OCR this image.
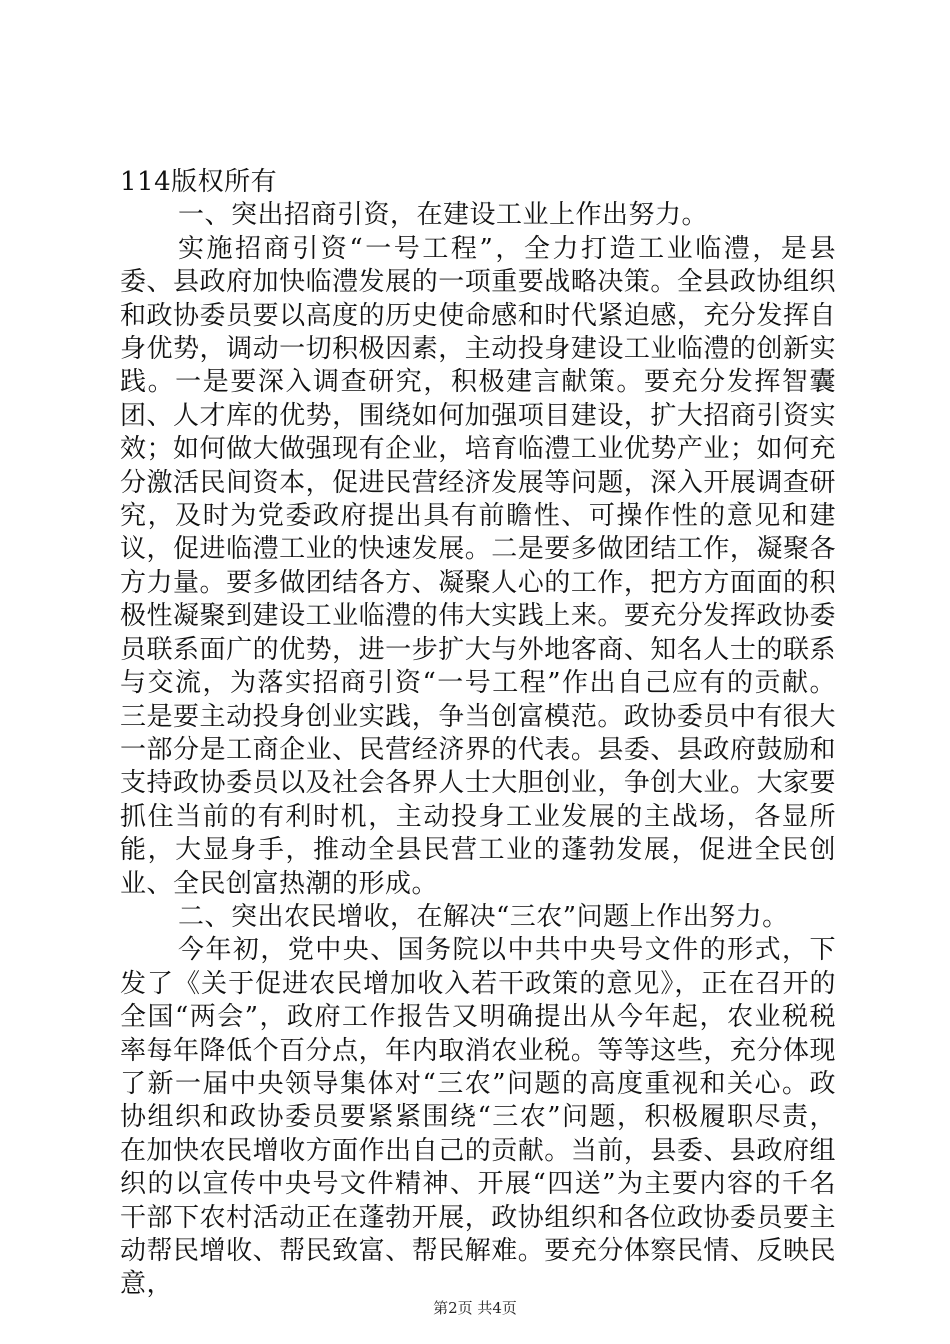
114版权所有

一、突出招商引资，在建设工业上作出努力。

实施招商引资“一号工程”，全力打造工业临澧，是县委、县政府加快临澧发展的一项重要战略决策。全县政协组织和政协委员要以高度的历史使命感和时代紧迫感，充分发挥自身优势，调动一切积极因素，主动投身建设工业临澧的创新实践。一是要深入调查研究，积极建言献策。要充分发挥智囊团、人才库的优势，围绕如何加强项目建设，扩大招商引资实效；如何做大做强现有企业，培育临澧工业优势产业；如何充分激活民间资本，促进民营经济发展等问题，深入开展调查研究，及时为党委政府提出具有前瞻性、可操作性的意见和建议，促进临澧工业的快速发展。二是要多做团结工作，凝聚各方力量。要多做团结各方、凝聚人心的工作，把方方面面的积极性凝聚到建设工业临澧的伟大实践上来。要充分发挥政协委员联系面广的优势，进一步扩大与外地客商、知名人士的联系与交流，为落实招商引资“一号工程”作出自己应有的贡献。三是要主动投身创业实践，争当创富模范。政协委员中有很大一部分是工商企业、民营经济界的代表。县委、县政府鼓励和支持政协委员以及社会各界人士大胆创业，争创大业。大家要抓住当前的有利时机，主动投身工业发展的主战场，各显所能，大显身手，推动全县民营工业的蓬勃发展，促进全民创业、全民创富热潮的形成。

二、突出农民增收，在解决“三农”问题上作出努力。

今年初，党中央、国务院以中共中央号文件的形式，下发了《关于促进农民增加收入若干政策的意见》，正在召开的全国“两会”，政府工作报告又明确提出从今年起，农业税税率每年降低个百分点，年内取消农业税。等等这些，充分体现了新一届中央领导集体对“三农”问题的高度重视和关心。政协组织和政协委员要紧紧围绕“三农”问题，积极履职尽责，在加快农民增收方面作出自己的贡献。当前，县委、县政府组织的以宣传中央号文件精神、开展“四送”为主要内容的千名干部下农村活动正在蓬勃开展，政协组织和各位政协委员要主动帮民增收、帮民致富、帮民解难。要充分体察民情、反映民意，

第2页 共4页
